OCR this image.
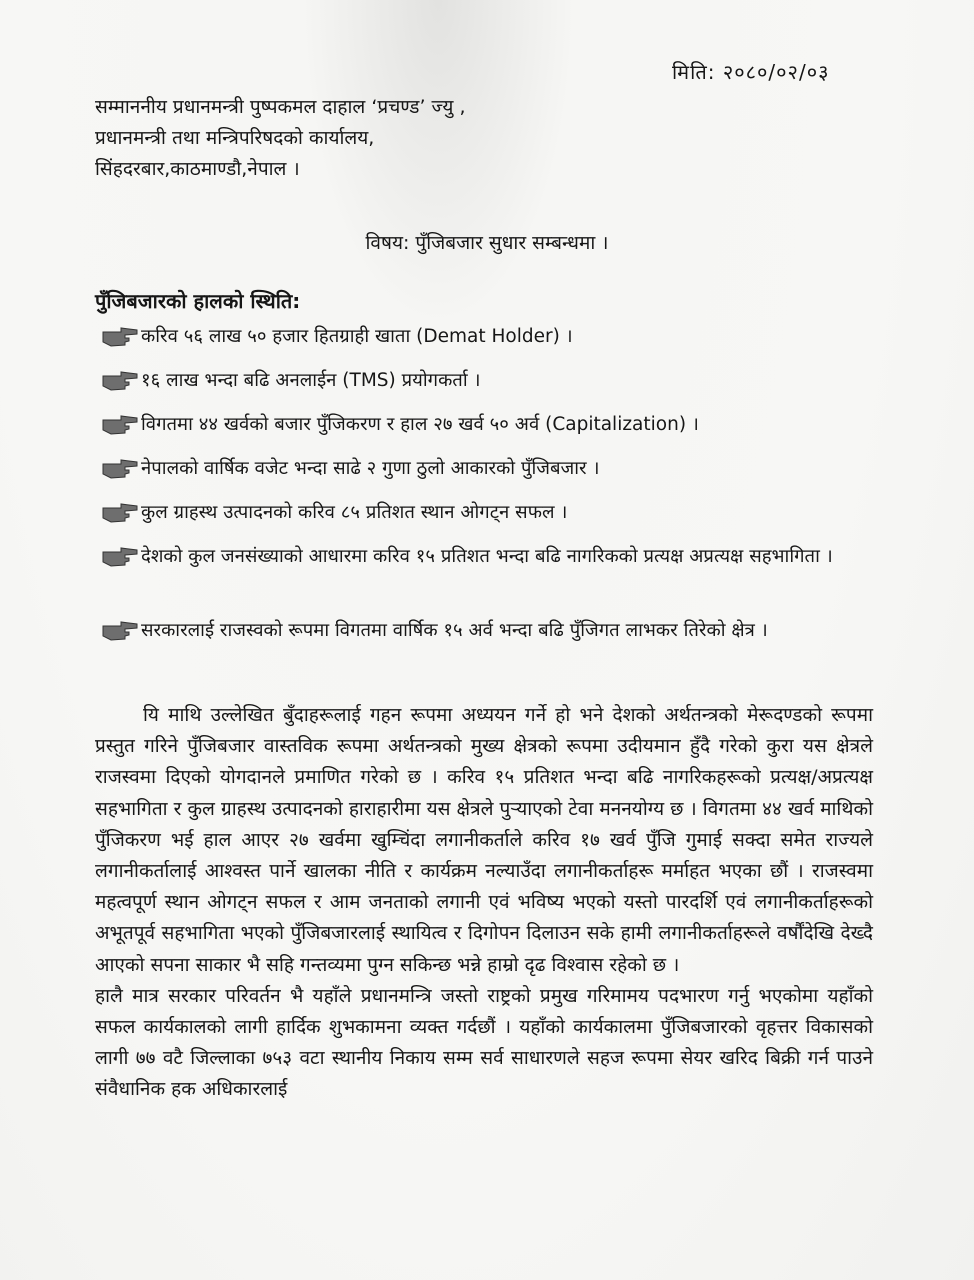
मिति: २०८०/०२/०३
सम्माननीय प्रधानमन्त्री पुष्पकमल दाहाल ‘प्रचण्ड’ ज्यु ,
प्रधानमन्त्री तथा मन्त्रिपरिषदको कार्यालय,
सिंहदरबार,काठमाण्डौ,नेपाल ।
विषय: पुँजिबजार सुधार सम्बन्धमा ।
पुँजिबजारको हालको स्थिति:
करिव ५६ लाख ५० हजार हितग्राही खाता (Demat Holder) ।
१६ लाख भन्दा बढि अनलाईन (TMS) प्रयोगकर्ता ।
विगतमा ४४ खर्वको बजार पुँजिकरण र हाल २७ खर्व ५० अर्व (Capitalization) ।
नेपालको वार्षिक वजेट भन्दा साढे २ गुणा ठुलो आकारको पुँजिबजार ।
कुल ग्राहस्थ उत्पादनको करिव ८५ प्रतिशत स्थान ओगट्न सफल ।
देशको कुल जनसंख्याको आधारमा करिव १५ प्रतिशत भन्दा बढि नागरिकको प्रत्यक्ष अप्रत्यक्ष सहभागिता ।
सरकारलाई राजस्वको रूपमा विगतमा वार्षिक १५ अर्व भन्दा बढि पुँजिगत लाभकर तिरेको क्षेत्र ।

यि माथि उल्लेखित बुँदाहरूलाई गहन रूपमा अध्ययन गर्ने हो भने देशको अर्थतन्त्रको मेरूदण्डको रूपमा प्रस्तुत गरिने पुँजिबजार वास्तविक रूपमा अर्थतन्त्रको मुख्य क्षेत्रको रूपमा उदीयमान हुँदै गरेको कुरा यस क्षेत्रले राजस्वमा दिएको योगदानले प्रमाणित गरेको छ । करिव १५ प्रतिशत भन्दा बढि नागरिकहरूको प्रत्यक्ष/अप्रत्यक्ष सहभागिता र कुल ग्राहस्थ उत्पादनको हाराहारीमा यस क्षेत्रले पुर्‍याएको टेवा मननयोग्य छ । विगतमा ४४ खर्व माथिको पुँजिकरण भई हाल आएर २७ खर्वमा खुम्चिंदा लगानीकर्ताले करिव १७ खर्व पुँजि गुमाई सक्दा समेत राज्यले लगानीकर्तालाई आश्वस्त पार्ने खालका नीति र कार्यक्रम नल्याउँदा लगानीकर्ताहरू मर्माहत भएका छौं । राजस्वमा महत्वपूर्ण स्थान ओगट्न सफल र आम जनताको लगानी एवं भविष्य भएको यस्तो पारदर्शि एवं लगानीकर्ताहरूको अभूतपूर्व सहभागिता भएको पुँजिबजारलाई स्थायित्व र दिगोपन दिलाउन सके हामी लगानीकर्ताहरूले वर्षौंदेखि देख्दै आएको सपना साकार भै सहि गन्तव्यमा पुग्न सकिन्छ भन्ने हाम्रो दृढ विश्वास रहेको छ ।

हालै मात्र सरकार परिवर्तन भै यहाँले प्रधानमन्त्रि जस्तो राष्ट्रको प्रमुख गरिमामय पदभारण गर्नु भएकोमा यहाँको सफल कार्यकालको लागी हार्दिक शुभकामना व्यक्त गर्दछौं । यहाँको कार्यकालमा पुँजिबजारको वृहत्तर विकासको लागी ७७ वटै जिल्लाका ७५३ वटा स्थानीय निकाय सम्म सर्व साधारणले सहज रूपमा सेयर खरिद बिक्री गर्न पाउने संवैधानिक हक अधिकारलाई
